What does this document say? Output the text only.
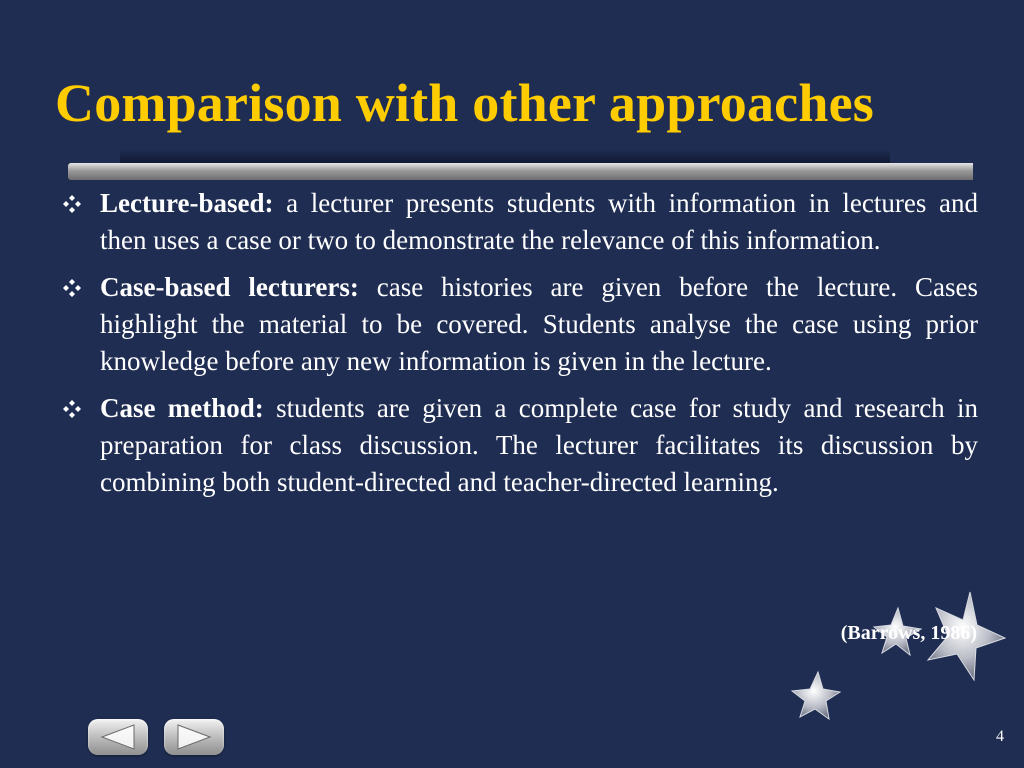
Comparison with other approaches
Lecture-based: a lecturer presents students with information in lectures and then uses a case or two to demonstrate the relevance of this information.
Case-based lecturers: case histories are given before the lecture. Cases highlight the material to be covered. Students analyse the case using prior knowledge before any new information is given in the lecture.
Case method: students are given a complete case for study and research in preparation for class discussion. The lecturer facilitates its discussion by combining both student-directed and teacher-directed learning.

(Barrows, 1986)

4
